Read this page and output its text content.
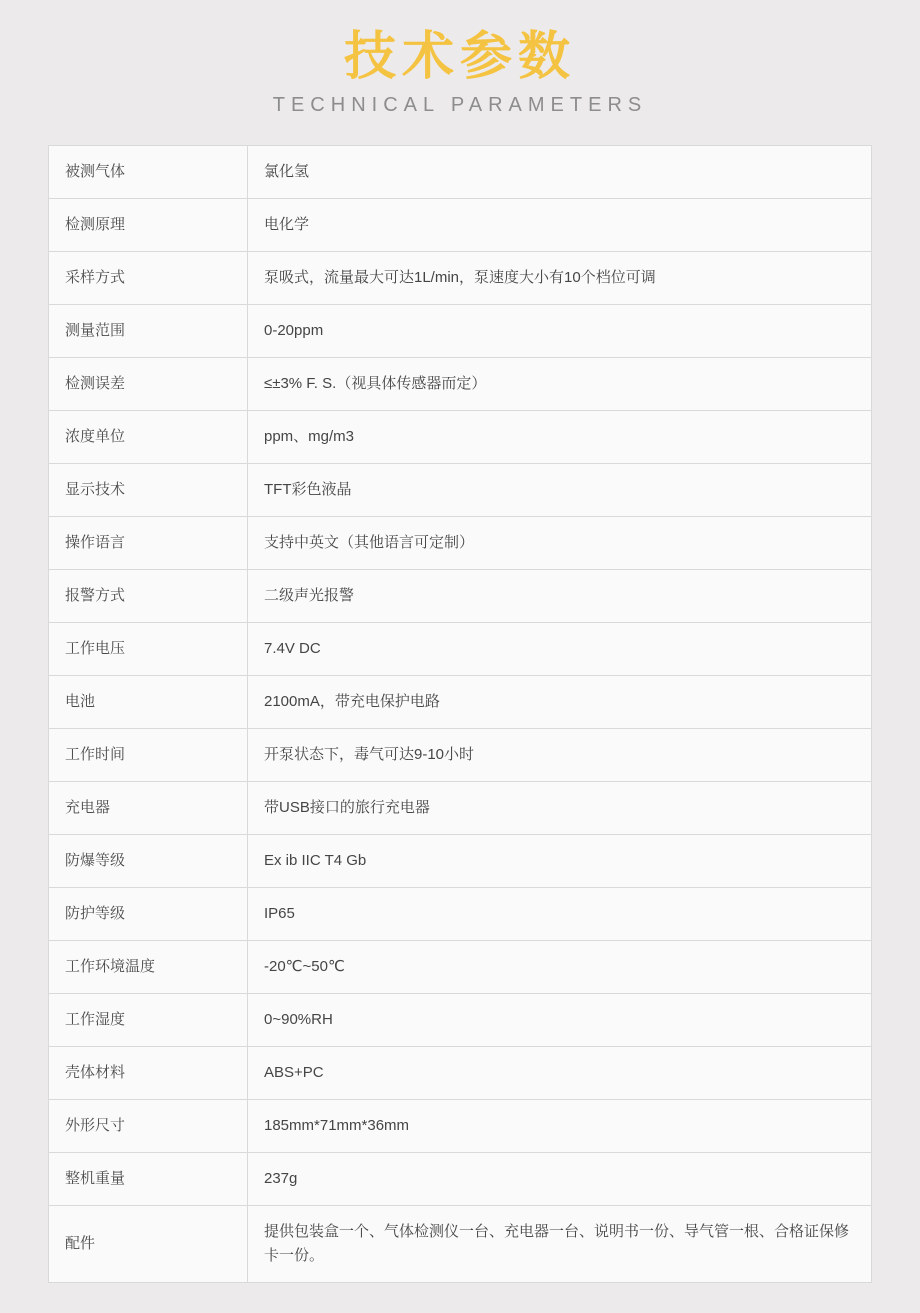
技术参数
TECHNICAL PARAMETERS
被测气体	氯化氢
检测原理	电化学
采样方式	泵吸式，流量最大可达1L/min，泵速度大小有10个档位可调
测量范围	0-20ppm
检测误差	≤±3% F. S.（视具体传感器而定）
浓度单位	ppm、mg/m3
显示技术	TFT彩色液晶
操作语言	支持中英文（其他语言可定制）
报警方式	二级声光报警
工作电压	7.4V DC
电池	2100mA，带充电保护电路
工作时间	开泵状态下，毒气可达9-10小时
充电器	带USB接口的旅行充电器
防爆等级	Ex ib IIC T4 Gb
防护等级	IP65
工作环境温度	-20℃~50℃
工作湿度	0~90%RH
壳体材料	ABS+PC
外形尺寸	185mm*71mm*36mm
整机重量	237g
配件	提供包装盒一个、气体检测仪一台、充电器一台、说明书一份、导气管一根、合格证保修卡一份。
